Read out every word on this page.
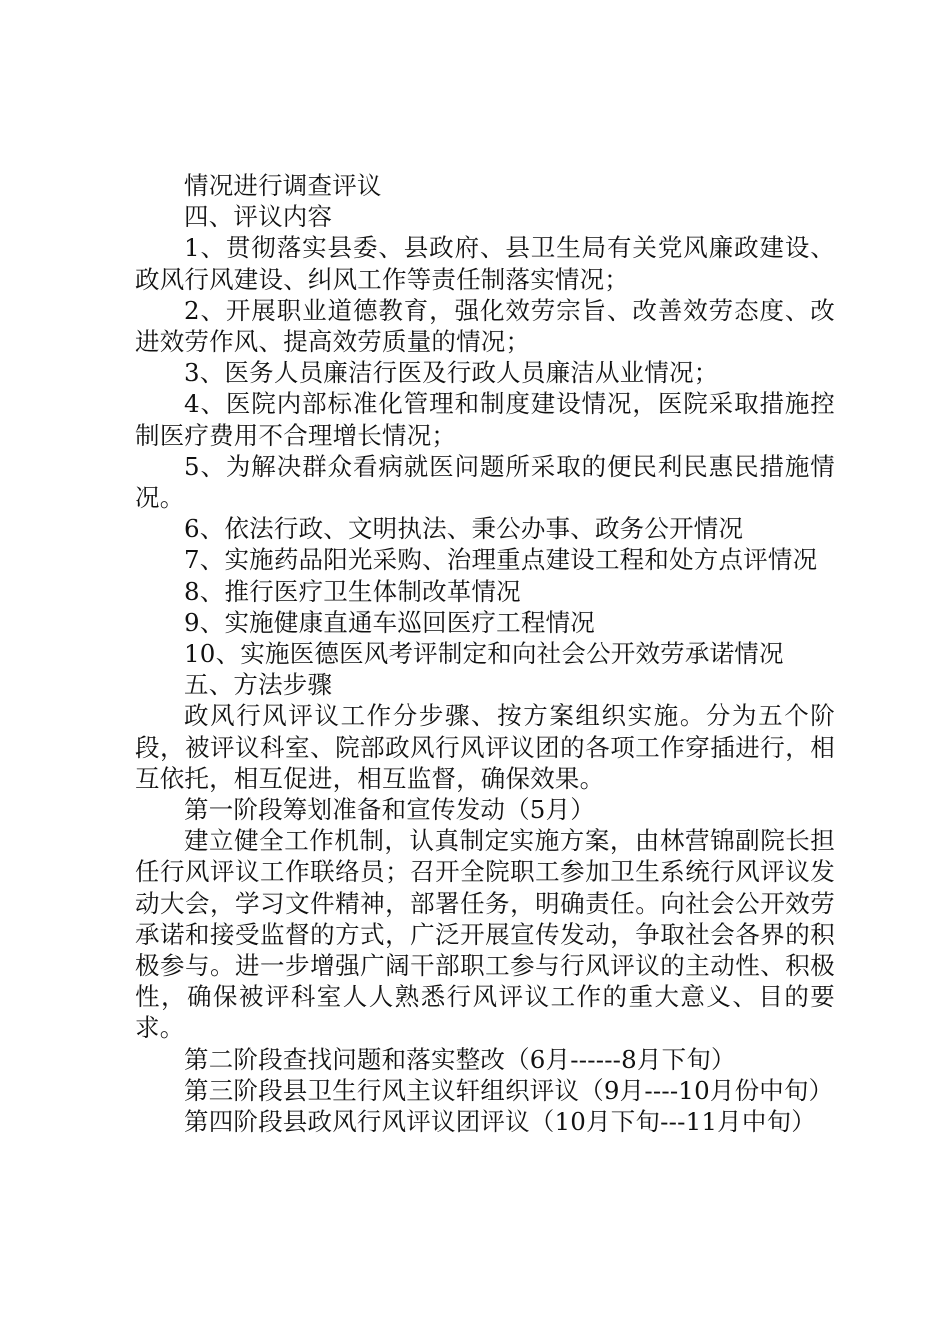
情况进行调查评议

四、评议内容

1、贯彻落实县委、县政府、县卫生局有关党风廉政建设、政风行风建设、纠风工作等责任制落实情况；

2、开展职业道德教育，强化效劳宗旨、改善效劳态度、改进效劳作风、提高效劳质量的情况；

3、医务人员廉洁行医及行政人员廉洁从业情况；

4、医院内部标准化管理和制度建设情况，医院采取措施控制医疗费用不合理增长情况；

5、为解决群众看病就医问题所采取的便民利民惠民措施情况。

6、依法行政、文明执法、秉公办事、政务公开情况

7、实施药品阳光采购、治理重点建设工程和处方点评情况

8、推行医疗卫生体制改革情况

9、实施健康直通车巡回医疗工程情况

10、实施医德医风考评制定和向社会公开效劳承诺情况

五、方法步骤

政风行风评议工作分步骤、按方案组织实施。分为五个阶段，被评议科室、院部政风行风评议团的各项工作穿插进行，相互依托，相互促进，相互监督，确保效果。

第一阶段筹划准备和宣传发动（5月）

建立健全工作机制，认真制定实施方案，由林营锦副院长担任行风评议工作联络员；召开全院职工参加卫生系统行风评议发动大会，学习文件精神，部署任务，明确责任。向社会公开效劳承诺和接受监督的方式，广泛开展宣传发动，争取社会各界的积极参与。进一步增强广阔干部职工参与行风评议的主动性、积极性，确保被评科室人人熟悉行风评议工作的重大意义、目的要求。

第二阶段查找问题和落实整改（6月------8月下旬）

第三阶段县卫生行风主议轩组织评议（9月----10月份中旬）

第四阶段县政风行风评议团评议（10月下旬---11月中旬）
